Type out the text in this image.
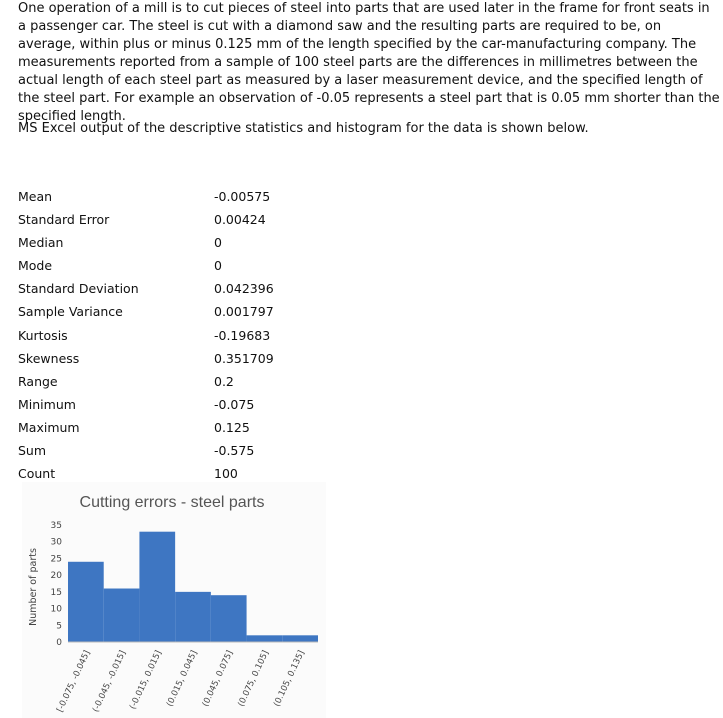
One operation of a mill is to cut pieces of steel into parts that are used later in the frame for front seats in a passenger car. The steel is cut with a diamond saw and the resulting parts are required to be, on average, within plus or minus 0.125 mm of the length specified by the car-manufacturing company. The measurements reported from a sample of 100 steel parts are the differences in millimetres between the actual length of each steel part as measured by a laser measurement device, and the specified length of the steel part. For example an observation of -0.05 represents a steel part that is 0.05 mm shorter than the specified length.

MS Excel output of the descriptive statistics and histogram for the data is shown below.

Mean	-0.00575
Standard Error	0.00424
Median	0
Mode	0
Standard Deviation	0.042396
Sample Variance	0.001797
Kurtosis	-0.19683
Skewness	0.351709
Range	0.2
Minimum	-0.075
Maximum	0.125
Sum	-0.575
Count	100
Cutting errors - steel parts
Number of parts
0
5
10
15
20
25
30
35
[-0.075, -0.045]
(-0.045, -0.015] (-0.015, 0.015] (0.015, 0.045] (0.045, 0.075] (0.075, 0.105] (0.105, 0.135]
